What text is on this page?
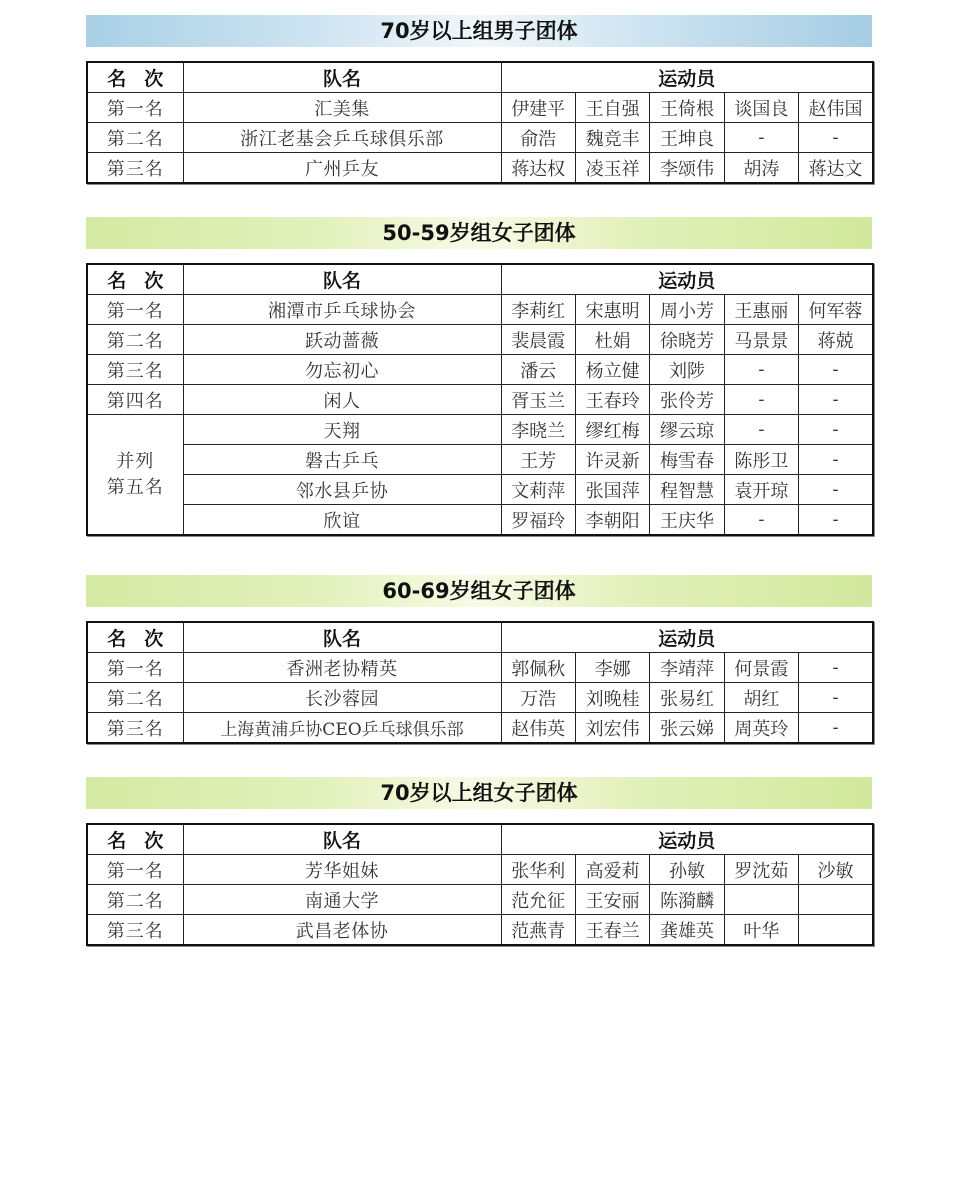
70岁以上组男子团体
名次	队名	运动员				
第一名	汇美集	伊建平	王自强	王倚根	谈国良	赵伟国
第二名	浙江老基会乒乓球俱乐部	俞浩	魏竞丰	王坤良	-	-
第三名	广州乒友	蒋达权	凌玉祥	李颂伟	胡涛	蒋达文
50-59岁组女子团体
名次	队名	运动员				
第一名	湘潭市乒乓球协会	李莉红	宋惠明	周小芳	王惠丽	何军蓉
第二名	跃动蔷薇	裴晨霞	杜娟	徐晓芳	马景景	蒋兢
第三名	勿忘初心	潘云	杨立健	刘陟	-	-
第四名	闲人	胥玉兰	王春玲	张伶芳	-	-

并列
第五名	天翔	李晓兰	缪红梅	缪云琼	-	-
	磐古乒乓	王芳	许灵新	梅雪春	陈彤卫	-
	邻水县乒协	文莉萍	张国萍	程智慧	袁开琼	-
	欣谊	罗福玲	李朝阳	王庆华	-	-
60-69岁组女子团体
名次	队名	运动员				
第一名	香洲老协精英	郭佩秋	李娜	李靖萍	何景霞	-
第二名	长沙蓉园	万浩	刘晚桂	张易红	胡红	-
第三名	上海黄浦乒协CEO乒乓球俱乐部	赵伟英	刘宏伟	张云娣	周英玲	-
70岁以上组女子团体
名次	队名	运动员				
第一名	芳华姐妹	张华利	高爱莉	孙敏	罗沈茹	沙敏
第二名	南通大学	范允征	王安丽	陈漪麟		
第三名	武昌老体协	范燕青	王春兰	龚雄英	叶华	
